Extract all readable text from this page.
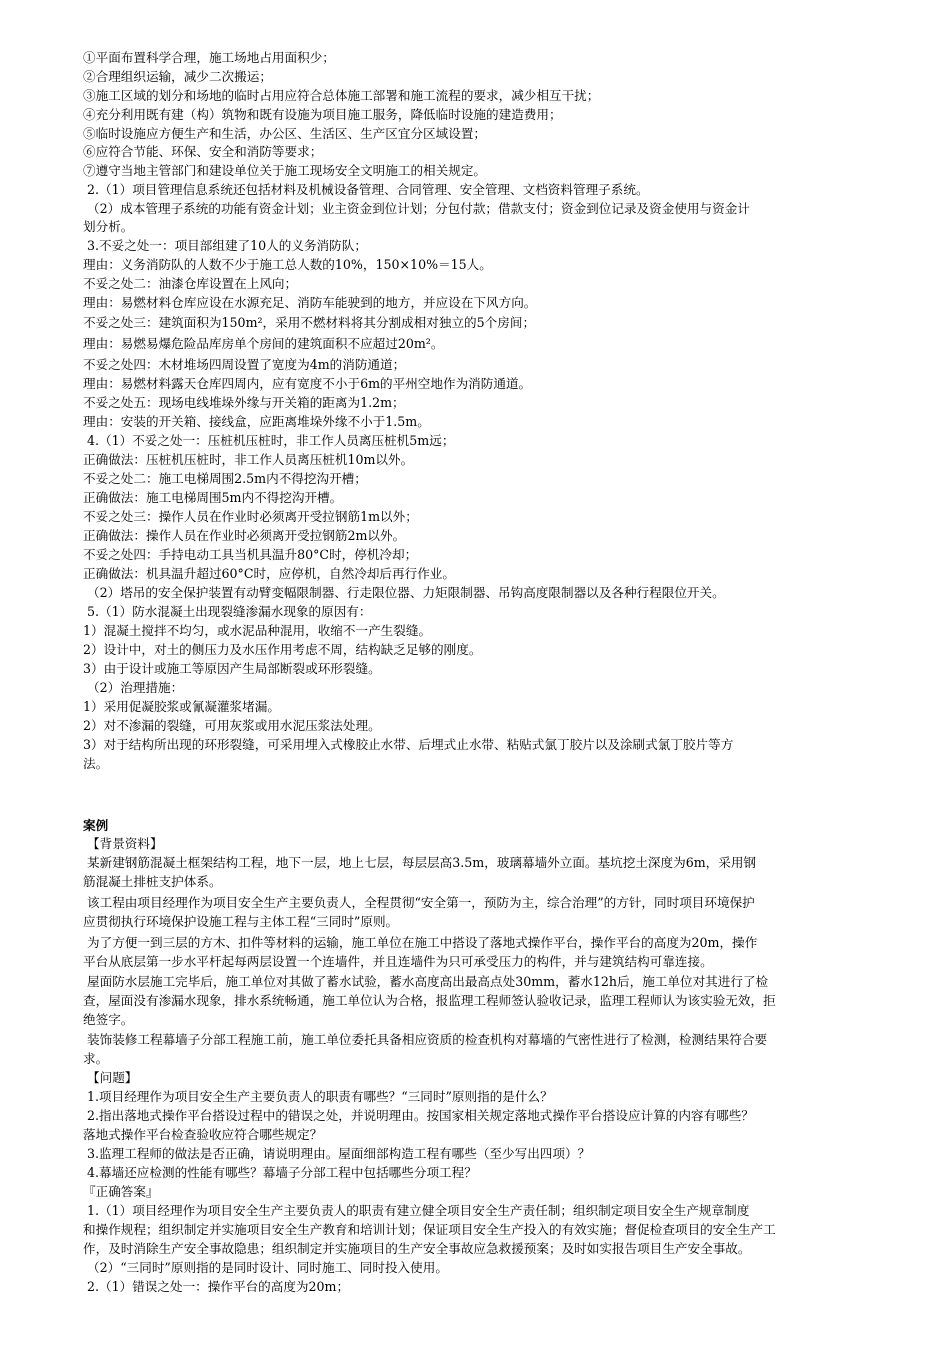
①平面布置科学合理，施工场地占用面积少；
②合理组织运输，减少二次搬运；
③施工区域的划分和场地的临时占用应符合总体施工部署和施工流程的要求，减少相互干扰；
④充分利用既有建（构）筑物和既有设施为项目施工服务，降低临时设施的建造费用；
⑤临时设施应方便生产和生活，办公区、生活区、生产区宜分区域设置；
⑥应符合节能、环保、安全和消防等要求；
⑦遵守当地主管部门和建设单位关于施工现场安全文明施工的相关规定。
2.（1）项目管理信息系统还包括材料及机械设备管理、合同管理、安全管理、文档资料管理子系统。
（2）成本管理子系统的功能有资金计划；业主资金到位计划；分包付款；借款支付；资金到位记录及资金使用与资金计
划分析。
3.不妥之处一：项目部组建了10人的义务消防队；
理由：义务消防队的人数不少于施工总人数的10%，150×10%＝15人。
不妥之处二：油漆仓库设置在上风向；
理由：易燃材料仓库应设在水源充足、消防车能驶到的地方，并应设在下风方向。
不妥之处三：建筑面积为150m²，采用不燃材料将其分割成相对独立的5个房间；
理由：易燃易爆危险品库房单个房间的建筑面积不应超过20m²。
不妥之处四：木材堆场四周设置了宽度为4m的消防通道；
理由：易燃材料露天仓库四周内，应有宽度不小于6m的平州空地作为消防通道。
不妥之处五：现场电线堆垛外缘与开关箱的距离为1.2m；
理由：安装的开关箱、接线盒，应距离堆垛外缘不小于1.5m。
4.（1）不妥之处一：压桩机压桩时，非工作人员离压桩机5m远；
正确做法：压桩机压桩时，非工作人员离压桩机10m以外。
不妥之处二：施工电梯周围2.5m内不得挖沟开槽；
正确做法：施工电梯周围5m内不得挖沟开槽。
不妥之处三：操作人员在作业时必须离开受拉钢筋1m以外；
正确做法：操作人员在作业时必须离开受拉钢筋2m以外。
不妥之处四：手持电动工具当机具温升80°C时，停机冷却；
正确做法：机具温升超过60°C时，应停机，自然冷却后再行作业。
（2）塔吊的安全保护装置有动臂变幅限制器、行走限位器、力矩限制器、吊钩高度限制器以及各种行程限位开关。
5.（1）防水混凝土出现裂缝渗漏水现象的原因有：
1）混凝土搅拌不均匀，或水泥品种混用，收缩不一产生裂缝。
2）设计中，对土的侧压力及水压作用考虑不周，结构缺乏足够的刚度。
3）由于设计或施工等原因产生局部断裂或环形裂缝。
（2）治理措施：
1）采用促凝胶浆或氰凝灌浆堵漏。
2）对不渗漏的裂缝，可用灰浆或用水泥压浆法处理。
3）对于结构所出现的环形裂缝，可采用埋入式橡胶止水带、后埋式止水带、粘贴式氯丁胶片以及涂刷式氯丁胶片等方
法。
案例
【背景资料】
某新建钢筋混凝土框架结构工程，地下一层，地上七层，每层层高3.5m，玻璃幕墙外立面。基坑挖土深度为6m，采用钢
筋混凝土排桩支护体系。
该工程由项目经理作为项目安全生产主要负责人，全程贯彻“安全第一，预防为主，综合治理”的方针，同时项目环境保护
应贯彻执行环境保护设施工程与主体工程“三同时”原则。
为了方便一到三层的方木、扣件等材料的运输，施工单位在施工中搭设了落地式操作平台，操作平台的高度为20m，操作
平台从底层第一步水平杆起每两层设置一个连墙件，并且连墙件为只可承受压力的构件，并与建筑结构可靠连接。
屋面防水层施工完毕后，施工单位对其做了蓄水试验，蓄水高度高出最高点处30mm，蓄水12h后，施工单位对其进行了检
查，屋面没有渗漏水现象，排水系统畅通，施工单位认为合格，报监理工程师签认验收记录，监理工程师认为该实验无效，拒
绝签字。
装饰装修工程幕墙子分部工程施工前，施工单位委托具备相应资质的检查机构对幕墙的气密性进行了检测，检测结果符合要
求。
【问题】
1.项目经理作为项目安全生产主要负责人的职责有哪些？“三同时”原则指的是什么？
2.指出落地式操作平台搭设过程中的错误之处，并说明理由。按国家相关规定落地式操作平台搭设应计算的内容有哪些？
落地式操作平台检查验收应符合哪些规定？
3.监理工程师的做法是否正确，请说明理由。屋面细部构造工程有哪些（至少写出四项）？
4.幕墙还应检测的性能有哪些？幕墙子分部工程中包括哪些分项工程？
『正确答案』
1.（1）项目经理作为项目安全生产主要负责人的职责有建立健全项目安全生产责任制；组织制定项目安全生产规章制度
和操作规程；组织制定并实施项目安全生产教育和培训计划；保证项目安全生产投入的有效实施；督促检查项目的安全生产工
作，及时消除生产安全事故隐患；组织制定并实施项目的生产安全事故应急救援预案；及时如实报告项目生产安全事故。
（2）“三同时”原则指的是同时设计、同时施工、同时投入使用。
2.（1）错误之处一：操作平台的高度为20m；
